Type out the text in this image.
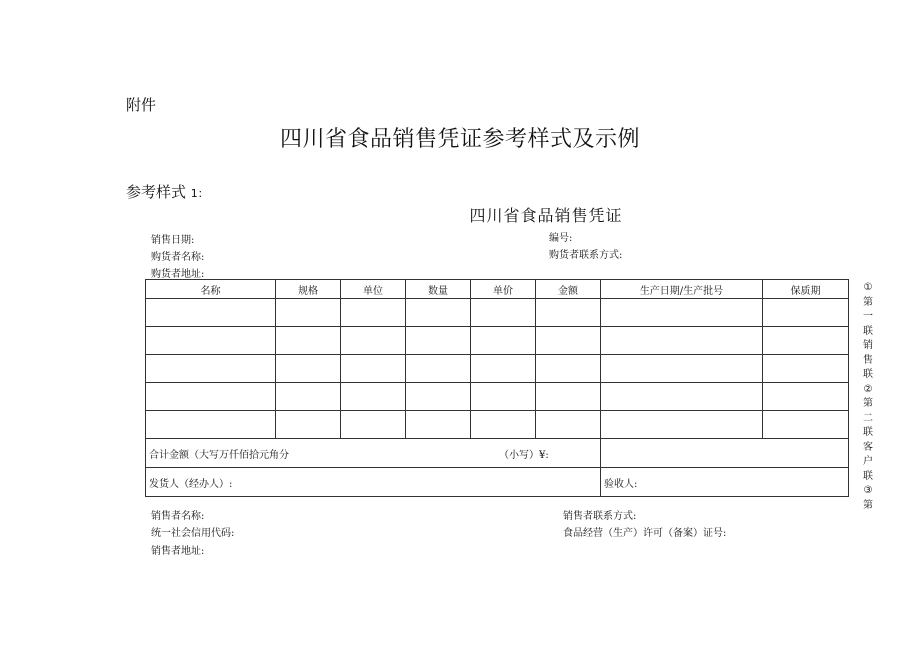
附件
四川省食品销售凭证参考样式及示例
参考样式 1：
四川省食品销售凭证
销售日期:	编号:
购货者名称:	购货者联系方式:
购货者地址:
名称	规格	单位	数量	单价	金额	生产日期/生产批号	保质期

合计金额（大写万仟佰拾元角分 （小写）¥:							
发货人（经办人）:						验收人:	
销售者名称:	销售者联系方式:
统一社会信用代码:	食品经营（生产）许可（备案）证号:
销售者地址:
①
第
一
联
销
售
联
②
第
二
联
客
户
联
③
第
